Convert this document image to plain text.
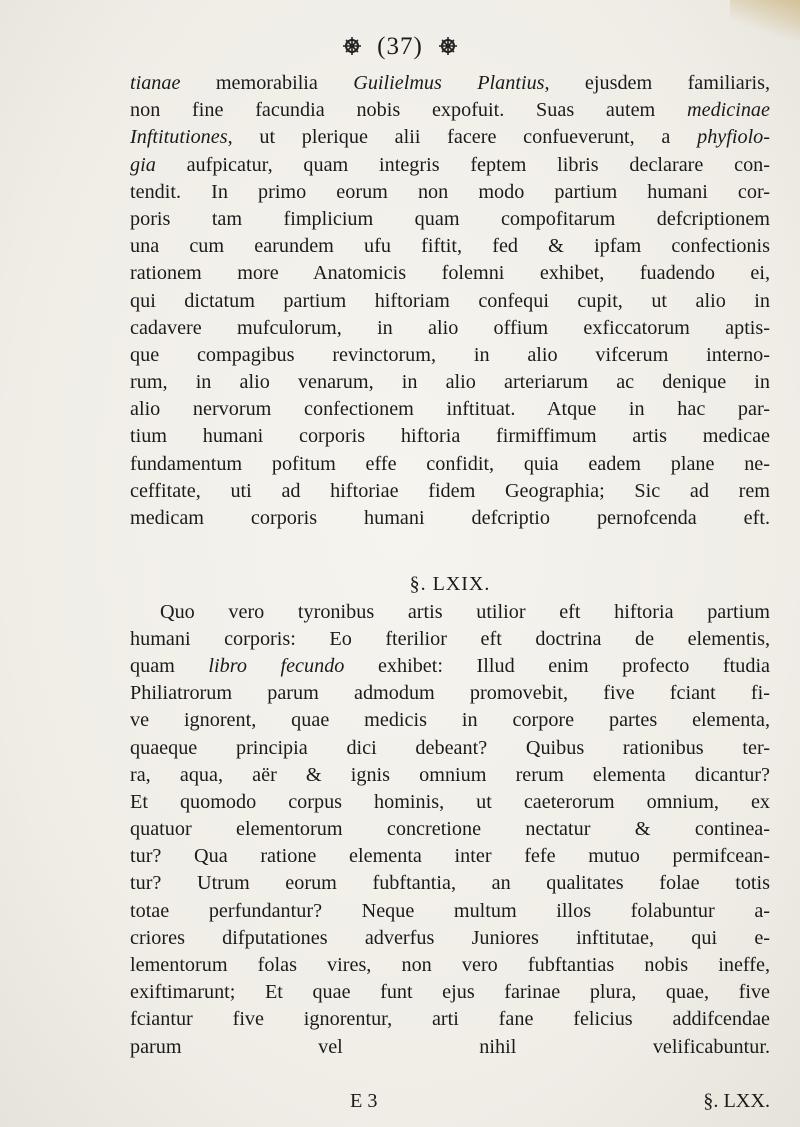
(37)
tianae memorabilia Guilielmus Plantius, ejusdem familiaris,
non fine facundia nobis expofuit. Suas autem medicinae
Inftitutiones, ut plerique alii facere confueverunt, a phyfiolo-
gia aufpicatur, quam integris feptem libris declarare con-
tendit. In primo eorum non modo partium humani cor-
poris tam fimplicium quam compofitarum defcriptionem
una cum earundem ufu fiftit, fed & ipfam confectionis
rationem more Anatomicis folemni exhibet, fuadendo ei,
qui dictatum partium hiftoriam confequi cupit, ut alio in
cadavere mufculorum, in alio offium exficcatorum aptis-
que compagibus revinctorum, in alio vifcerum interno-
rum, in alio venarum, in alio arteriarum ac denique in
alio nervorum confectionem inftituat. Atque in hac par-
tium humani corporis hiftoria firmiffimum artis medicae
fundamentum pofitum effe confidit, quia eadem plane ne-
ceffitate, uti ad hiftoriae fidem Geographia; Sic ad rem
medicam corporis humani defcriptio pernofcenda eft.
§. LXIX.
Quo vero tyronibus artis utilior eft hiftoria partium
humani corporis: Eo fterilior eft doctrina de elementis,
quam libro fecundo exhibet: Illud enim profecto ftudia
Philiatrorum parum admodum promovebit, five fciant fi-
ve ignorent, quae medicis in corpore partes elementa,
quaeque principia dici debeant? Quibus rationibus ter-
ra, aqua, aër & ignis omnium rerum elementa dicantur?
Et quomodo corpus hominis, ut caeterorum omnium, ex
quatuor elementorum concretione nectatur & continea-
tur? Qua ratione elementa inter fefe mutuo permifcean-
tur? Utrum eorum fubftantia, an qualitates folae totis
totae perfundantur? Neque multum illos folabuntur a-
criores difputationes adverfus Juniores inftitutae, qui e-
lementorum folas vires, non vero fubftantias nobis ineffe,
exiftimarunt; Et quae funt ejus farinae plura, quae, five
fciantur five ignorentur, arti fane felicius addifcendae
parum vel nihil velificabuntur.
E 3	§. LXX.
